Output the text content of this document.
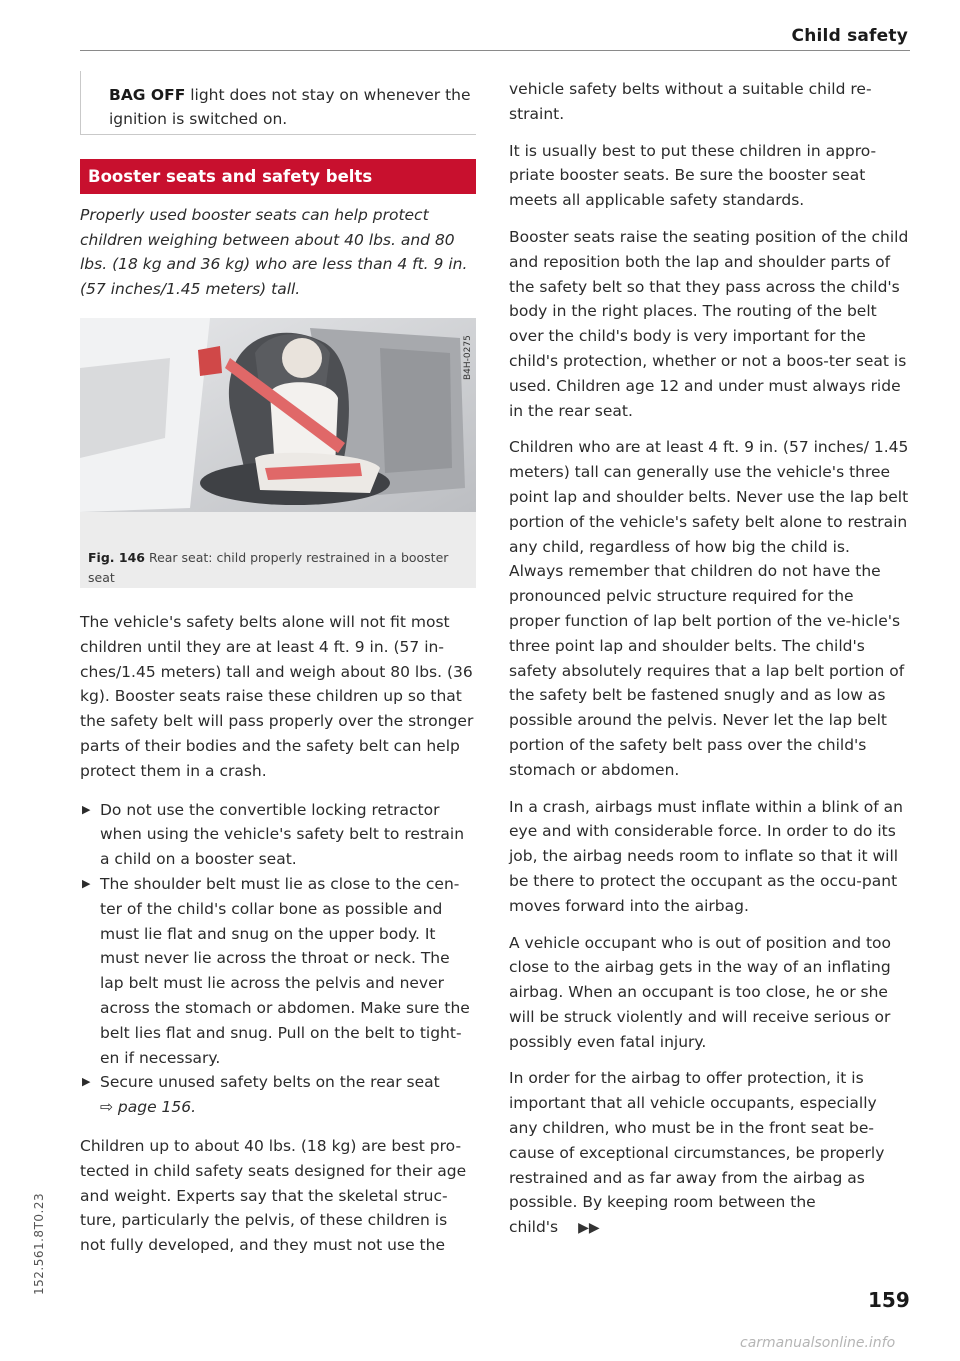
Child safety

BAG OFF light does not stay on whenever the ignition is switched on.

Booster seats and safety belts

Properly used booster seats can help protect children weighing between about 40 lbs. and 80 lbs. (18 kg and 36 kg) who are less than 4 ft. 9 in. (57 inches/1.45 meters) tall.

B4H-0275
Fig. 146 Rear seat: child properly restrained in a booster seat

The vehicle's safety belts alone will not fit most children until they are at least 4 ft. 9 in. (57 in-ches/1.45 meters) tall and weigh about 80 lbs. (36 kg). Booster seats raise these children up so that the safety belt will pass properly over the stronger parts of their bodies and the safety belt can help protect them in a crash.

▶ Do not use the convertible locking retractor when using the vehicle's safety belt to restrain a child on a booster seat.
▶ The shoulder belt must lie as close to the cen-ter of the child's collar bone as possible and must lie flat and snug on the upper body. It must never lie across the throat or neck. The lap belt must lie across the pelvis and never across the stomach or abdomen. Make sure the belt lies flat and snug. Pull on the belt to tight-en if necessary.
▶ Secure unused safety belts on the rear seat
⇨ page 156.

Children up to about 40 lbs. (18 kg) are best pro-tected in child safety seats designed for their age and weight. Experts say that the skeletal struc-ture, particularly the pelvis, of these children is not fully developed, and they must not use the

vehicle safety belts without a suitable child re-straint.

It is usually best to put these children in appro-priate booster seats. Be sure the booster seat meets all applicable safety standards.

Booster seats raise the seating position of the child and reposition both the lap and shoulder parts of the safety belt so that they pass across the child's body in the right places. The routing of the belt over the child's body is very important for the child's protection, whether or not a boos-ter seat is used. Children age 12 and under must always ride in the rear seat.

Children who are at least 4 ft. 9 in. (57 inches/ 1.45 meters) tall can generally use the vehicle's three point lap and shoulder belts. Never use the lap belt portion of the vehicle's safety belt alone to restrain any child, regardless of how big the child is. Always remember that children do not have the pronounced pelvic structure required for the proper function of lap belt portion of the ve-hicle's three point lap and shoulder belts. The child's safety absolutely requires that a lap belt portion of the safety belt be fastened snugly and as low as possible around the pelvis. Never let the lap belt portion of the safety belt pass over the child's stomach or abdomen.

In a crash, airbags must inflate within a blink of an eye and with considerable force. In order to do its job, the airbag needs room to inflate so that it will be there to protect the occupant as the occu-pant moves forward into the airbag.

A vehicle occupant who is out of position and too close to the airbag gets in the way of an inflating airbag. When an occupant is too close, he or she will be struck violently and will receive serious or possibly even fatal injury.

In order for the airbag to offer protection, it is important that all vehicle occupants, especially any children, who must be in the front seat be-cause of exceptional circumstances, be properly restrained and as far away from the airbag as possible. By keeping room between the child's ▶▶

159
152.561.8T0.23
carmanualsonline.info
